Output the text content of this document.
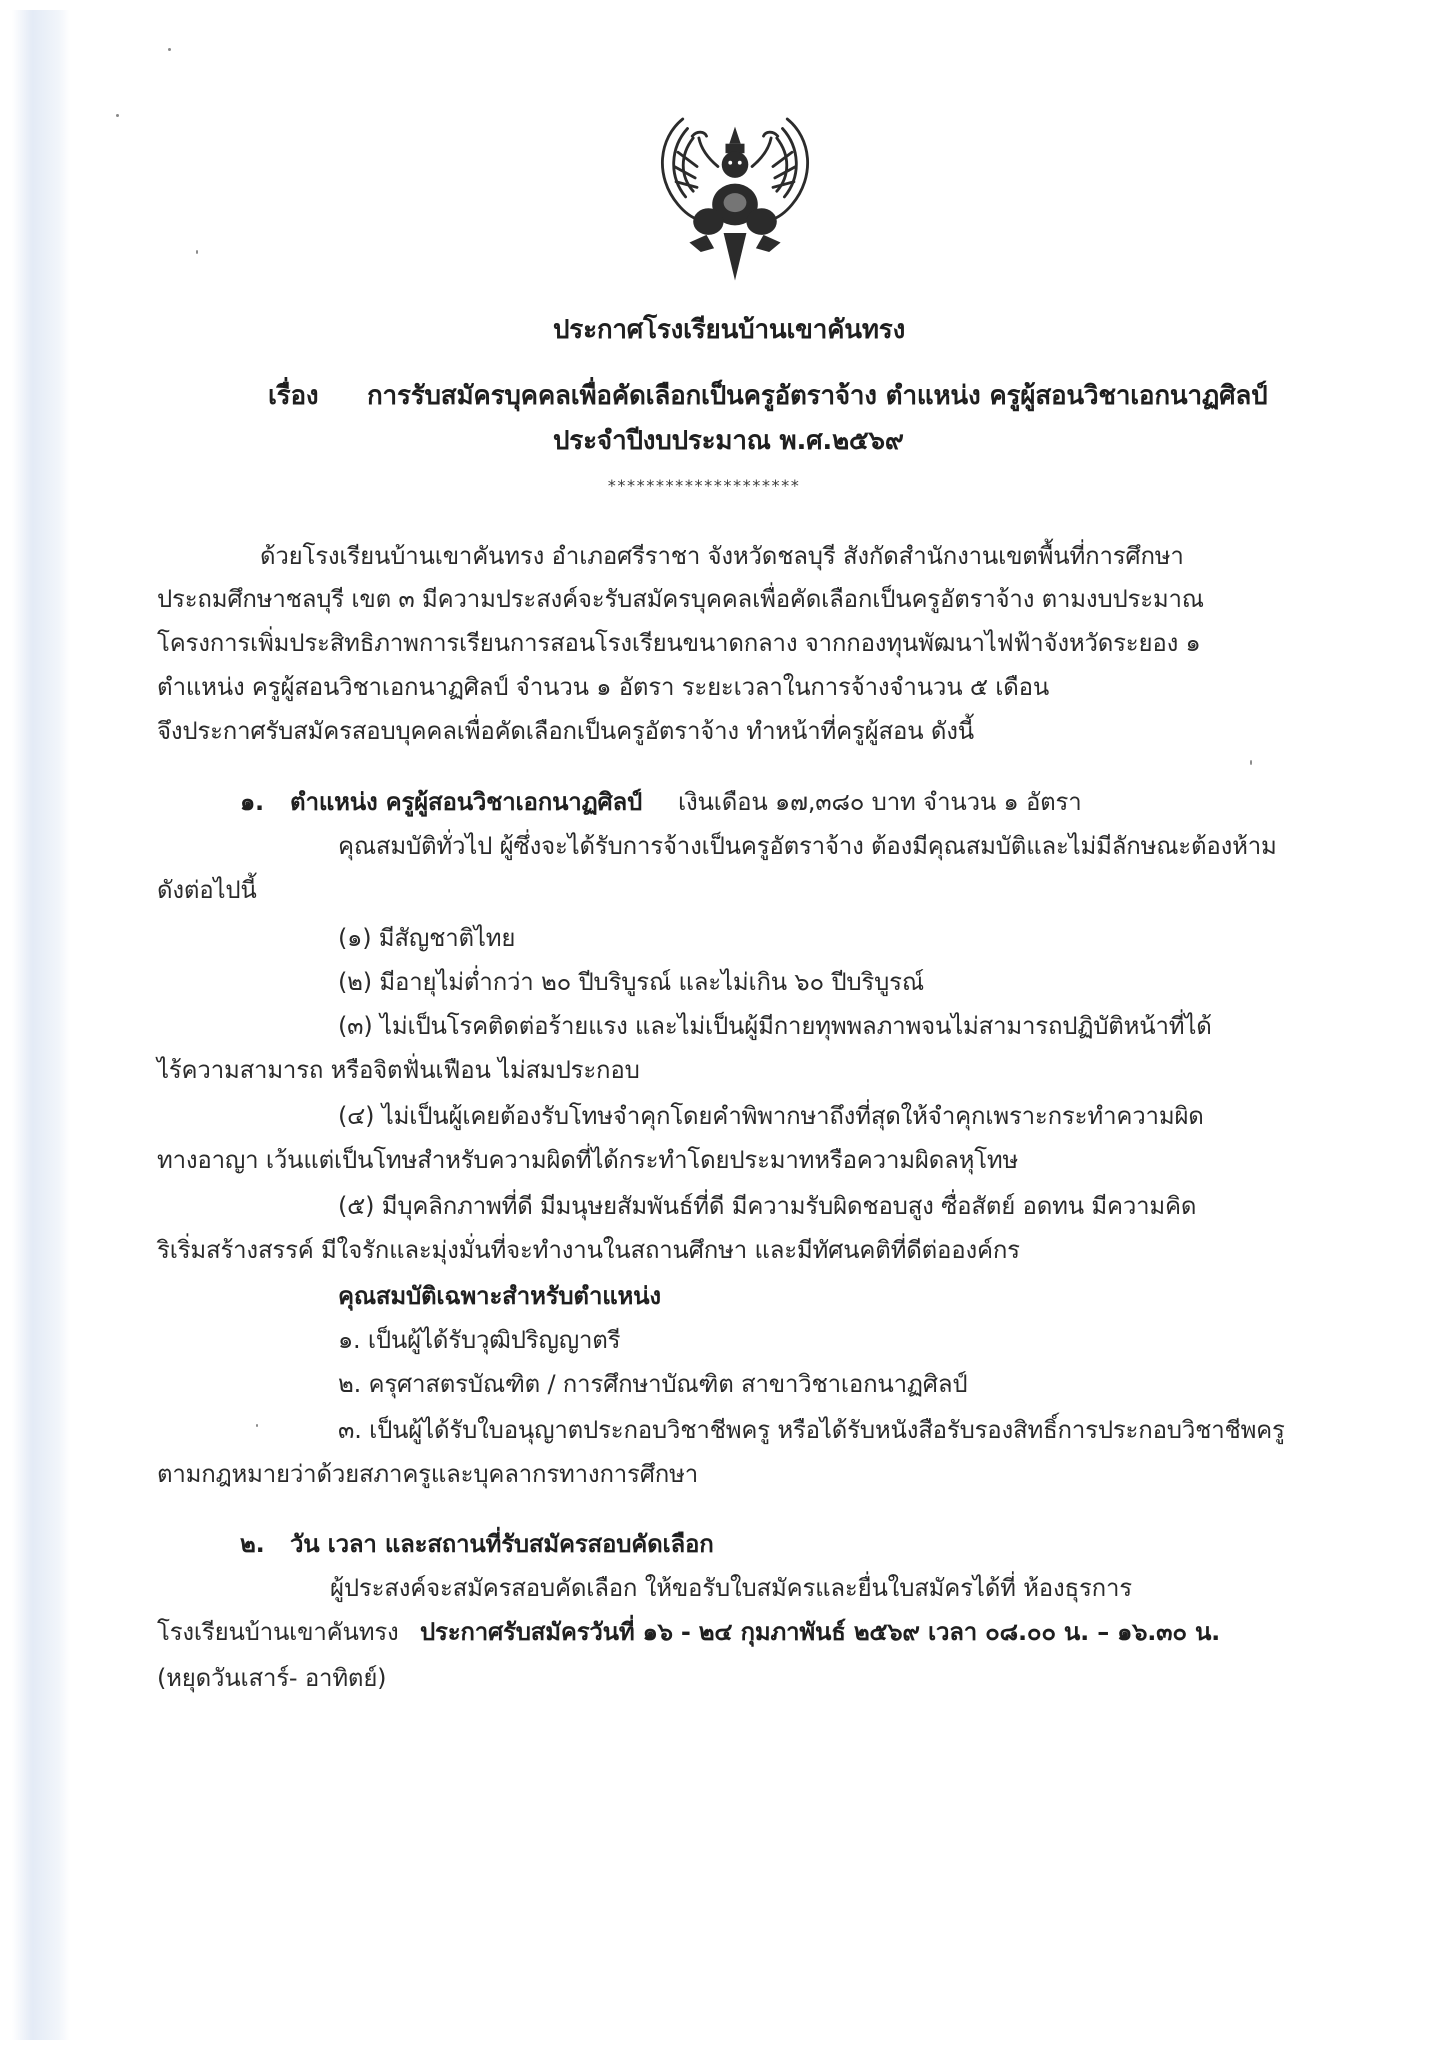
ประกาศโรงเรียนบ้านเขาคันทรง
เรื่อง การรับสมัครบุคคลเพื่อคัดเลือกเป็นครูอัตราจ้าง ตำแหน่ง ครูผู้สอนวิชาเอกนาฏศิลป์
ประจำปีงบประมาณ พ.ศ.๒๕๖๙
********************
ด้วยโรงเรียนบ้านเขาคันทรง อำเภอศรีราชา จังหวัดชลบุรี สังกัดสำนักงานเขตพื้นที่การศึกษา
ประถมศึกษาชลบุรี เขต ๓ มีความประสงค์จะรับสมัครบุคคลเพื่อคัดเลือกเป็นครูอัตราจ้าง ตามงบประมาณ
โครงการเพิ่มประสิทธิภาพการเรียนการสอนโรงเรียนขนาดกลาง จากกองทุนพัฒนาไฟฟ้าจังหวัดระยอง ๑
ตำแหน่ง ครูผู้สอนวิชาเอกนาฏศิลป์ จำนวน ๑ อัตรา ระยะเวลาในการจ้างจำนวน ๕ เดือน
จึงประกาศรับสมัครสอบบุคคลเพื่อคัดเลือกเป็นครูอัตราจ้าง ทำหน้าที่ครูผู้สอน ดังนี้
๑. ตำแหน่ง ครูผู้สอนวิชาเอกนาฏศิลป์ เงินเดือน ๑๗,๓๘๐ บาท จำนวน ๑ อัตรา
คุณสมบัติทั่วไป ผู้ซึ่งจะได้รับการจ้างเป็นครูอัตราจ้าง ต้องมีคุณสมบัติและไม่มีลักษณะต้องห้าม
ดังต่อไปนี้
(๑) มีสัญชาติไทย
(๒) มีอายุไม่ต่ำกว่า ๒๐ ปีบริบูรณ์ และไม่เกิน ๖๐ ปีบริบูรณ์
(๓) ไม่เป็นโรคติดต่อร้ายแรง และไม่เป็นผู้มีกายทุพพลภาพจนไม่สามารถปฏิบัติหน้าที่ได้
ไร้ความสามารถ หรือจิตฟั่นเฟือน ไม่สมประกอบ
(๔) ไม่เป็นผู้เคยต้องรับโทษจำคุกโดยคำพิพากษาถึงที่สุดให้จำคุกเพราะกระทำความผิด
ทางอาญา เว้นแต่เป็นโทษสำหรับความผิดที่ได้กระทำโดยประมาทหรือความผิดลหุโทษ
(๕) มีบุคลิกภาพที่ดี มีมนุษยสัมพันธ์ที่ดี มีความรับผิดชอบสูง ซื่อสัตย์ อดทน มีความคิด
ริเริ่มสร้างสรรค์ มีใจรักและมุ่งมั่นที่จะทำงานในสถานศึกษา และมีทัศนคติที่ดีต่อองค์กร
คุณสมบัติเฉพาะสำหรับตำแหน่ง
๑. เป็นผู้ได้รับวุฒิปริญญาตรี
๒. ครุศาสตรบัณฑิต / การศึกษาบัณฑิต สาขาวิชาเอกนาฏศิลป์
๓. เป็นผู้ได้รับใบอนุญาตประกอบวิชาชีพครู หรือได้รับหนังสือรับรองสิทธิ์การประกอบวิชาชีพครู
ตามกฎหมายว่าด้วยสภาครูและบุคลากรทางการศึกษา
๒. วัน เวลา และสถานที่รับสมัครสอบคัดเลือก
ผู้ประสงค์จะสมัครสอบคัดเลือก ให้ขอรับใบสมัครและยื่นใบสมัครได้ที่ ห้องธุรการ
โรงเรียนบ้านเขาคันทรง ประกาศรับสมัครวันที่ ๑๖ - ๒๔ กุมภาพันธ์ ๒๕๖๙ เวลา ๐๘.๐๐ น. – ๑๖.๓๐ น.
(หยุดวันเสาร์- อาทิตย์)
